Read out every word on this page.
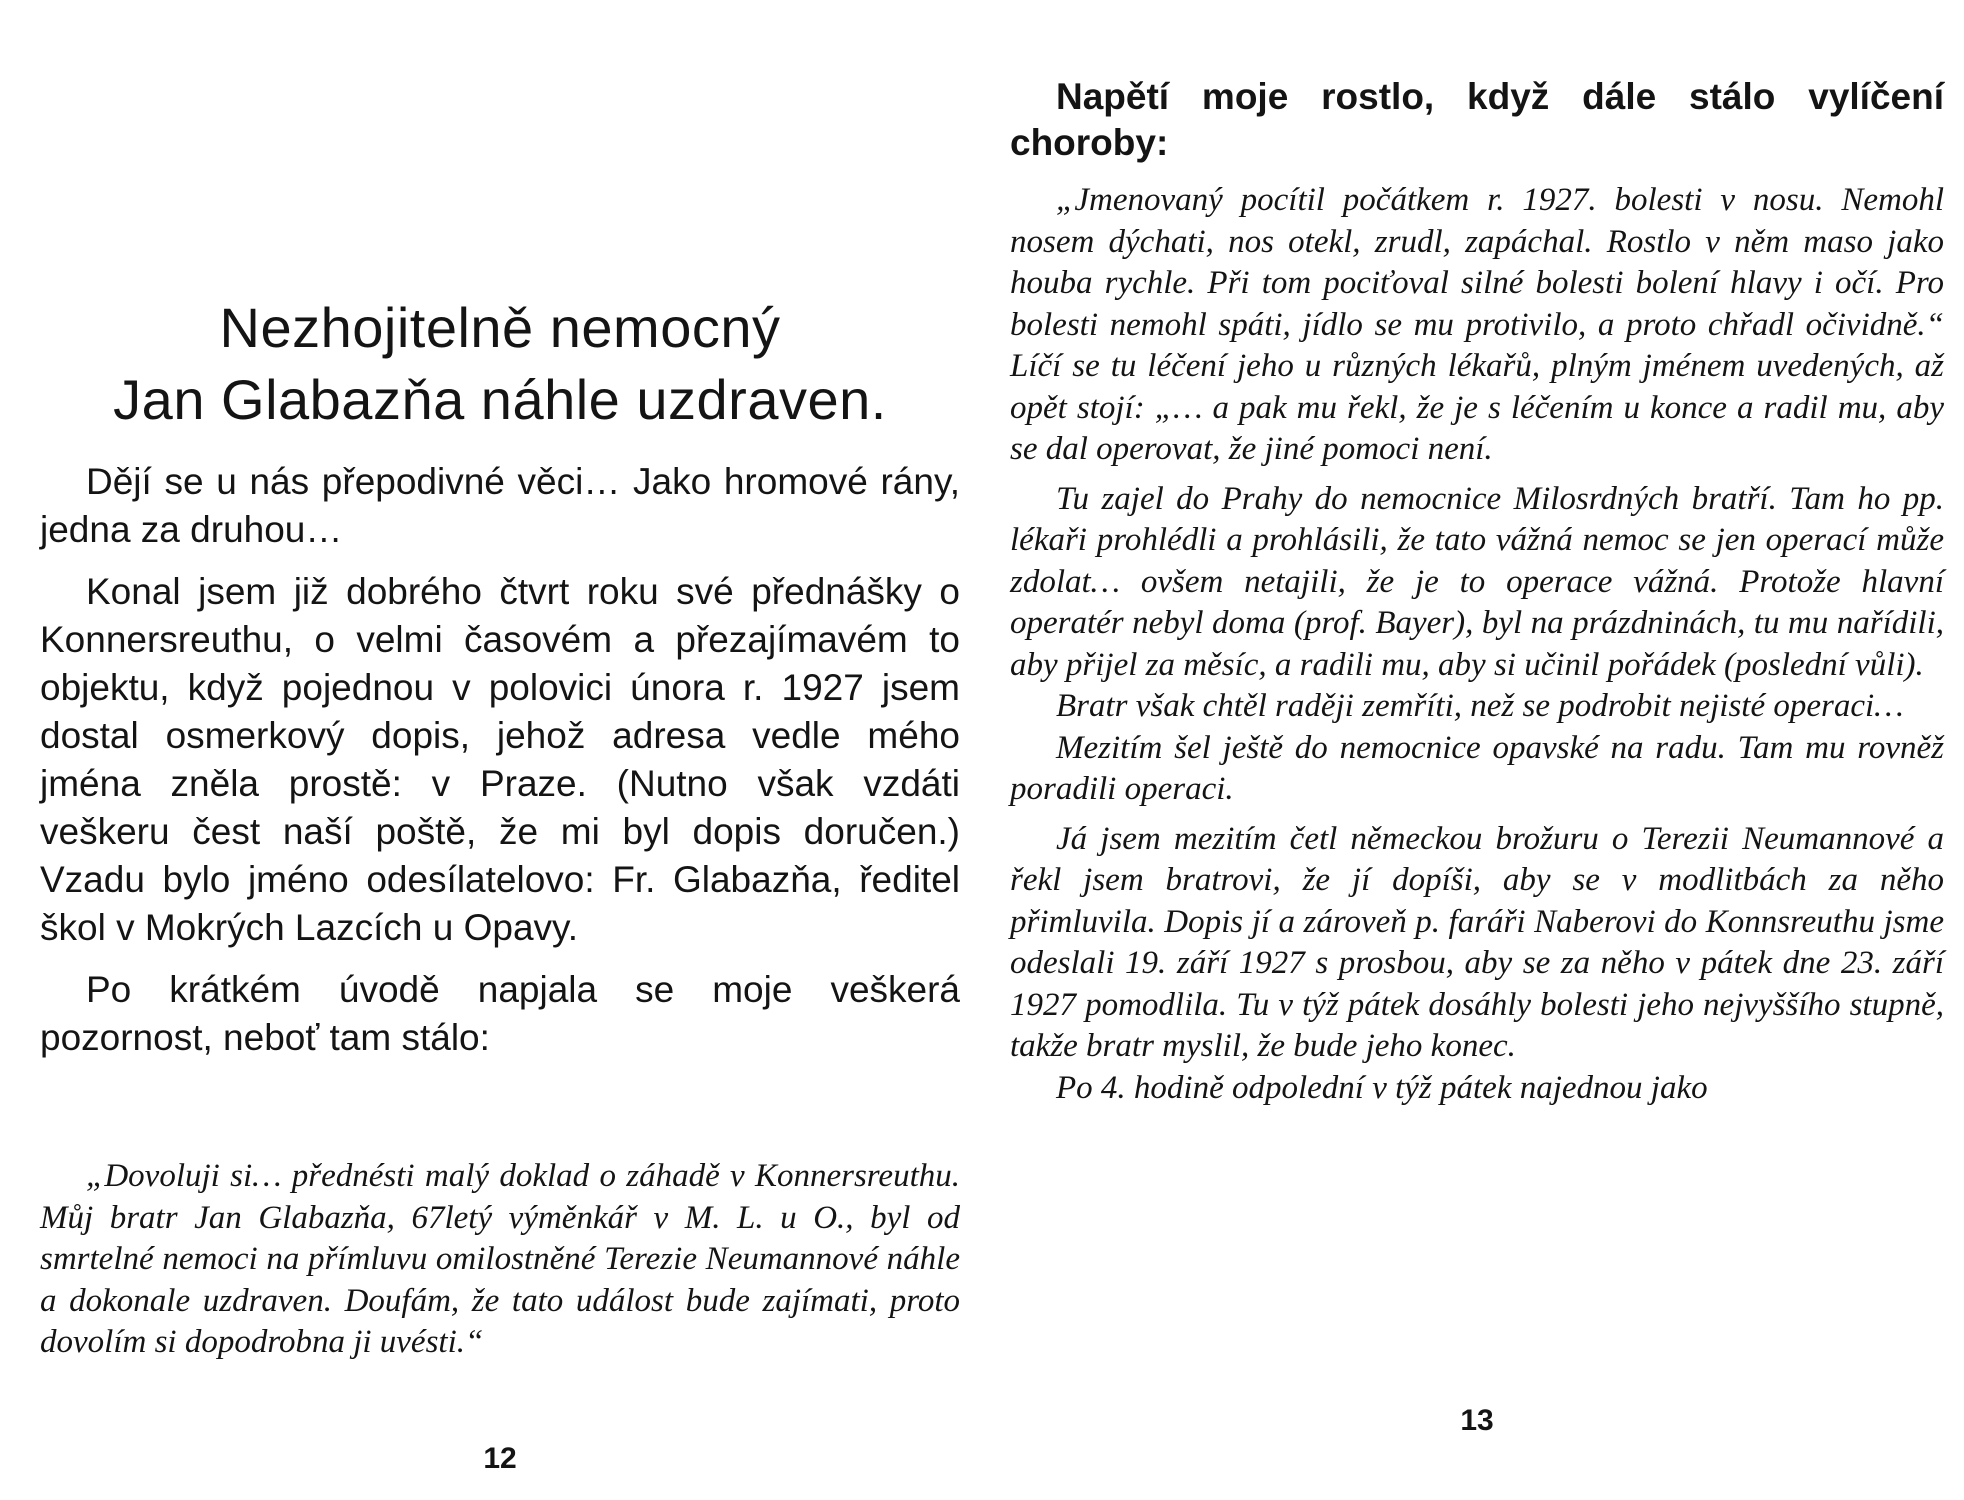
Nezhojitelně nemocný
Jan Glabazňa náhle uzdraven.

Dějí se u nás přepodivné věci… Jako hromové rány, jedna za druhou…

Konal jsem již dobrého čtvrt roku své přednášky o Konnersreuthu, o velmi časovém a přezajímavém to objektu, když pojednou v polovici února r. 1927 jsem dostal osmerkový dopis, jehož adresa vedle mého jména zněla prostě: v Praze. (Nutno však vzdáti veškeru čest naší poště, že mi byl dopis doručen.) Vzadu bylo jméno odesílatelovo: Fr. Glabazňa, ředitel škol v Mokrých Lazcích u Opavy.

Po krátkém úvodě napjala se moje veškerá pozornost, neboť tam stálo:

„Dovoluji si… přednésti malý doklad o záhadě v Konnersreuthu. Můj bratr Jan Glabazňa, 67letý výměnkář v M. L. u O., byl od smrtelné nemoci na přímluvu omilostněné Terezie Neumannové náhle a dokonale uzdraven. Doufám, že tato událost bude zajímati, proto dovolím si dopodrobna ji uvésti.“

12

Napětí moje rostlo, když dále stálo vylíčení choroby:

„Jmenovaný pocítil počátkem r. 1927. bolesti v nosu. Nemohl nosem dýchati, nos otekl, zrudl, zapáchal. Rostlo v něm maso jako houba rychle. Při tom pociťoval silné bolesti bolení hlavy i očí. Pro bolesti nemohl spáti, jídlo se mu protivilo, a proto chřadl očividně.“ Líčí se tu léčení jeho u různých lékařů, plným jménem uvedených, až opět stojí: „… a pak mu řekl, že je s léčením u konce a radil mu, aby se dal operovat, že jiné pomoci není.

Tu zajel do Prahy do nemocnice Milosrdných bratří. Tam ho pp. lékaři prohlédli a prohlásili, že tato vážná nemoc se jen operací může zdolat… ovšem netajili, že je to operace vážná. Protože hlavní operatér nebyl doma (prof. Bayer), byl na prázdninách, tu mu nařídili, aby přijel za měsíc, a radili mu, aby si učinil pořádek (poslední vůli).

Bratr však chtěl raději zemříti, než se podrobit nejisté operaci…

Mezitím šel ještě do nemocnice opavské na radu. Tam mu rovněž poradili operaci.

Já jsem mezitím četl německou brožuru o Terezii Neumannové a řekl jsem bratrovi, že jí dopíši, aby se v modlitbách za něho přimluvila. Dopis jí a zároveň p. faráři Naberovi do Konnsreuthu jsme odeslali 19. září 1927 s prosbou, aby se za něho v pátek dne 23. září 1927 pomodlila. Tu v týž pátek dosáhly bolesti jeho nejvyššího stupně, takže bratr myslil, že bude jeho konec.

Po 4. hodině odpolední v týž pátek najednou jako

13
